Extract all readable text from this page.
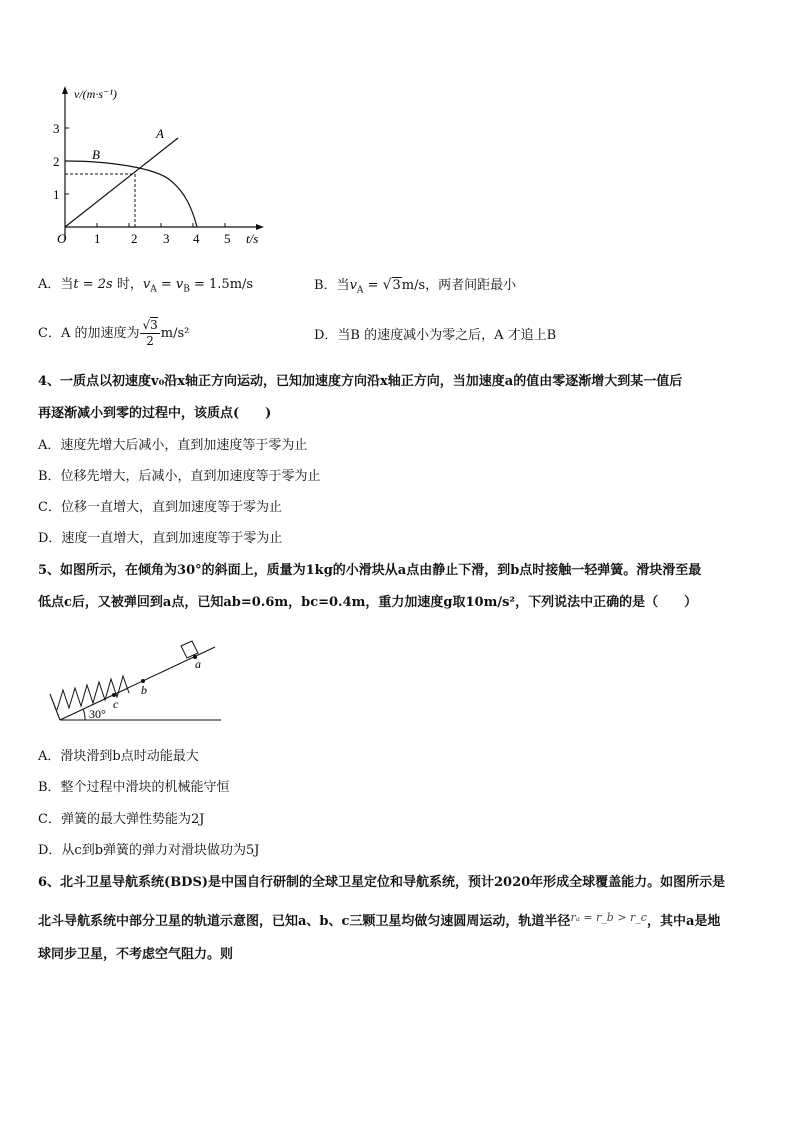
v/(m·s⁻¹)
t/s
O 1 2 3 4 5
1
2
3	A
B
A．当t = 2s 时，$v_A = v_B = 1.5m/s$	B．当$v_A = √3m/s$，两者间距最小
C．A 的加速度为 $\frac{√3}{2} m/s^2$	D．当B 的速度减小为零之后，A 才追上B
4、一质点以初速度v₀沿x轴正方向运动，已知加速度方向沿x轴正方向，当加速度a的值由零逐渐增大到某一值后
再逐渐减小到零的过程中，该质点(　　)
A．速度先增大后减小，直到加速度等于零为止
B．位移先增大，后减小，直到加速度等于零为止
C．位移一直增大，直到加速度等于零为止
D．速度一直增大，直到加速度等于零为止
5、如图所示，在倾角为30°的斜面上，质量为1kg的小滑块从a点由静止下滑，到b点时接触一轻弹簧。滑块滑至最
低点c后，又被弹回到a点，已知ab=0.6m，bc=0.4m，重力加速度g取10m/s²，下列说法中正确的是（　　）
30°
a
b
c
A．滑块滑到b点时动能最大
B．整个过程中滑块的机械能守恒
C．弹簧的最大弹性势能为2J
D．从c到b弹簧的弹力对滑块做功为5J
6、北斗卫星导航系统(BDS)是中国自行研制的全球卫星定位和导航系统，预计2020年形成全球覆盖能力。如图所示是
北斗导航系统中部分卫星的轨道示意图，已知a、b、c三颗卫星均做匀速圆周运动，轨道半径$^{r_a = r\_b > r\_c}$，其中a是地
球同步卫星，不考虑空气阻力。则
